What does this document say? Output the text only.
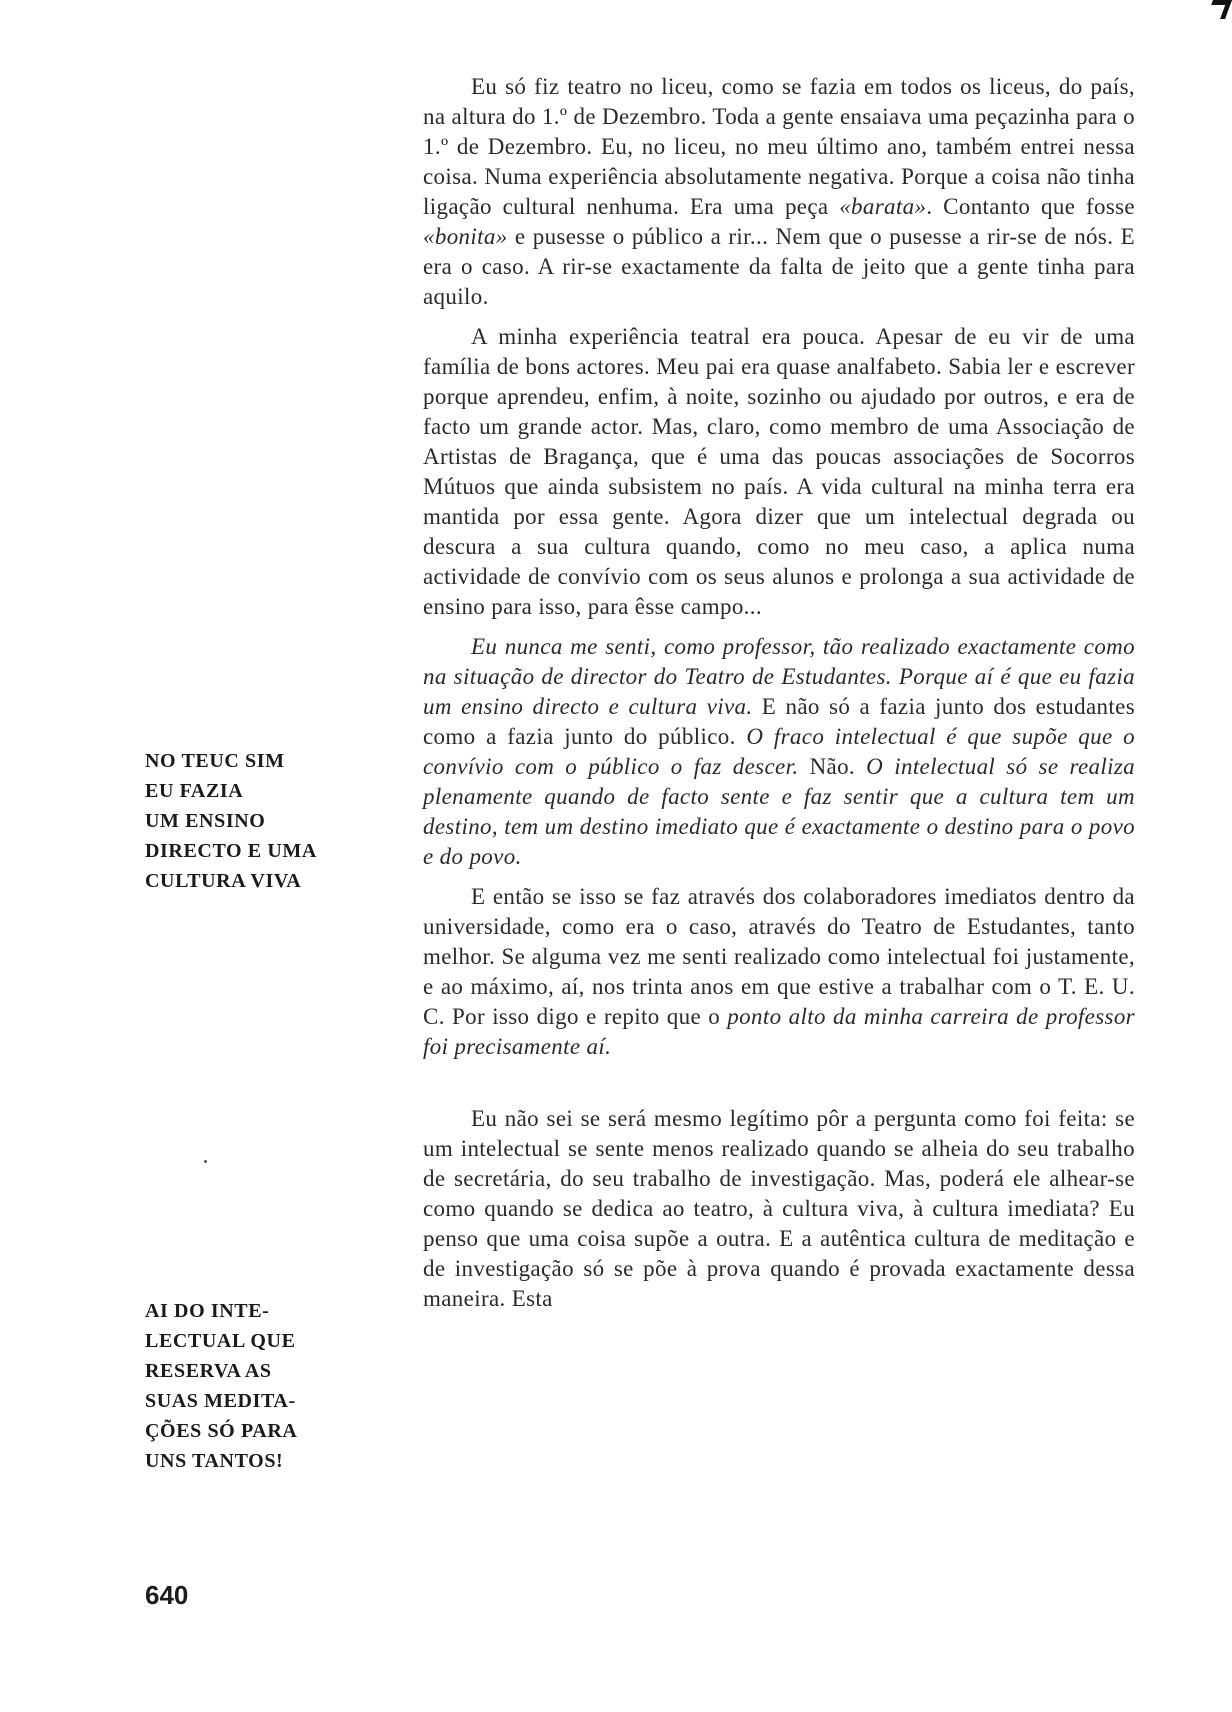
Eu só fiz teatro no liceu, como se fazia em todos os liceus, do país, na altura do 1.º de Dezembro. Toda a gente ensaiava uma peçazinha para o 1.º de Dezembro. Eu, no liceu, no meu último ano, também entrei nessa coisa. Numa experiência absolutamente negativa. Porque a coisa não tinha ligação cultural nenhuma. Era uma peça «barata». Contanto que fosse «bonita» e pusesse o público a rir... Nem que o pusesse a rir-se de nós. E era o caso. A rir-se exactamente da falta de jeito que a gente tinha para aquilo.

A minha experiência teatral era pouca. Apesar de eu vir de uma família de bons actores. Meu pai era quase analfabeto. Sabia ler e escrever porque aprendeu, enfim, à noite, sozinho ou ajudado por outros, e era de facto um grande actor. Mas, claro, como membro de uma Associação de Artistas de Bragança, que é uma das poucas associações de Socorros Mútuos que ainda subsistem no país. A vida cultural na minha terra era mantida por essa gente. Agora dizer que um intelectual degrada ou descura a sua cultura quando, como no meu caso, a aplica numa actividade de convívio com os seus alunos e prolonga a sua actividade de ensino para isso, para êsse campo...

Eu nunca me senti, como professor, tão realizado exactamente como na situação de director do Teatro de Estudantes. Porque aí é que eu fazia um ensino directo e cultura viva. E não só a fazia junto dos estudantes como a fazia junto do público. O fraco intelectual é que supõe que o convívio com o público o faz descer. Não. O intelectual só se realiza plenamente quando de facto sente e faz sentir que a cultura tem um destino, tem um destino imediato que é exactamente o destino para o povo e do povo.

E então se isso se faz através dos colaboradores imediatos dentro da universidade, como era o caso, através do Teatro de Estudantes, tanto melhor. Se alguma vez me senti realizado como intelectual foi justamente, e ao máximo, aí, nos trinta anos em que estive a trabalhar com o T. E. U. C. Por isso digo e repito que o ponto alto da minha carreira de professor foi precisamente aí.

Eu não sei se será mesmo legítimo pôr a pergunta como foi feita: se um intelectual se sente menos realizado quando se alheia do seu trabalho de secretária, do seu trabalho de investigação. Mas, poderá ele alhear-se como quando se dedica ao teatro, à cultura viva, à cultura imediata? Eu penso que uma coisa supõe a outra. E a autêntica cultura de meditação e de investigação só se põe à prova quando é provada exactamente dessa maneira. Esta

NO TEUC SIM
EU FAZIA
UM ENSINO
DIRECTO E UMA
CULTURA VIVA
AI DO INTE-
LECTUAL QUE
RESERVA AS
SUAS MEDITA-
ÇÕES SÓ PARA
UNS TANTOS!
640
